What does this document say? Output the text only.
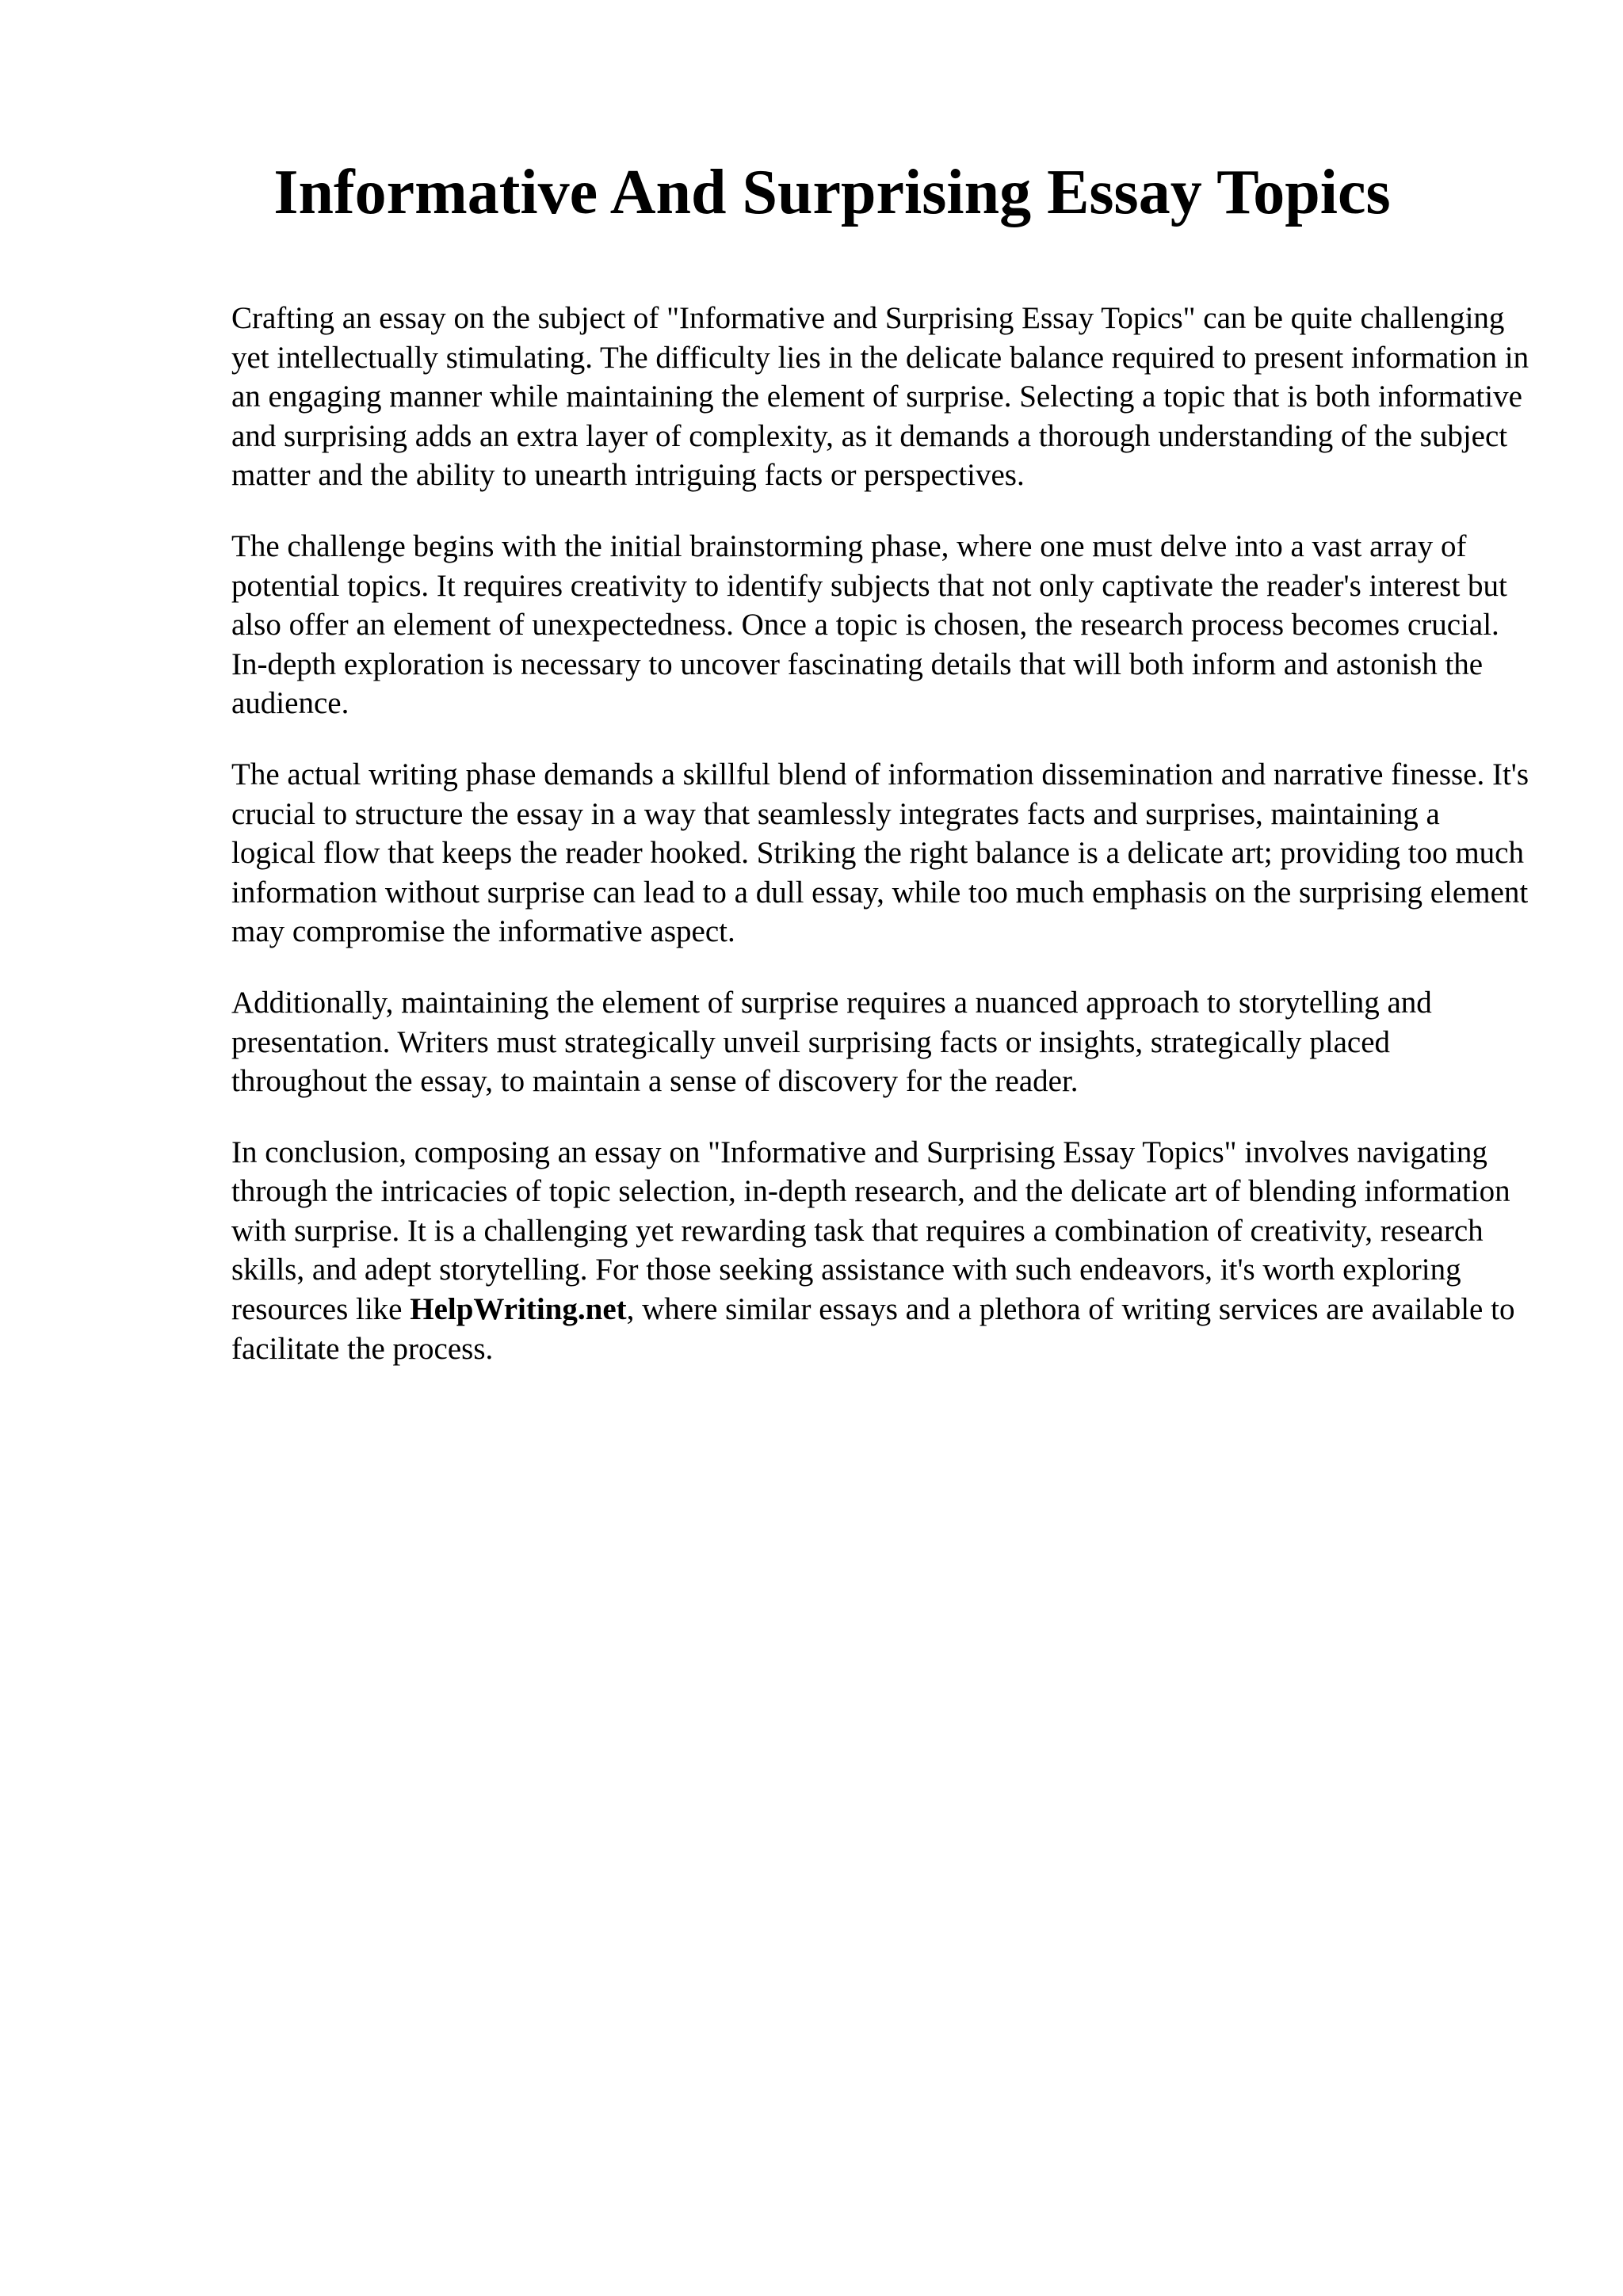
Informative And Surprising Essay Topics

Crafting an essay on the subject of "Informative and Surprising Essay Topics" can be quite challenging yet intellectually stimulating. The difficulty lies in the delicate balance required to present information in an engaging manner while maintaining the element of surprise. Selecting a topic that is both informative and surprising adds an extra layer of complexity, as it demands a thorough understanding of the subject matter and the ability to unearth intriguing facts or perspectives.

The challenge begins with the initial brainstorming phase, where one must delve into a vast array of potential topics. It requires creativity to identify subjects that not only captivate the reader's interest but also offer an element of unexpectedness. Once a topic is chosen, the research process becomes crucial. In-depth exploration is necessary to uncover fascinating details that will both inform and astonish the audience.

The actual writing phase demands a skillful blend of information dissemination and narrative finesse. It's crucial to structure the essay in a way that seamlessly integrates facts and surprises, maintaining a logical flow that keeps the reader hooked. Striking the right balance is a delicate art; providing too much information without surprise can lead to a dull essay, while too much emphasis on the surprising element may compromise the informative aspect.

Additionally, maintaining the element of surprise requires a nuanced approach to storytelling and presentation. Writers must strategically unveil surprising facts or insights, strategically placed throughout the essay, to maintain a sense of discovery for the reader.

In conclusion, composing an essay on "Informative and Surprising Essay Topics" involves navigating through the intricacies of topic selection, in-depth research, and the delicate art of blending information with surprise. It is a challenging yet rewarding task that requires a combination of creativity, research skills, and adept storytelling. For those seeking assistance with such endeavors, it's worth exploring resources like HelpWriting.net, where similar essays and a plethora of writing services are available to facilitate the process.
